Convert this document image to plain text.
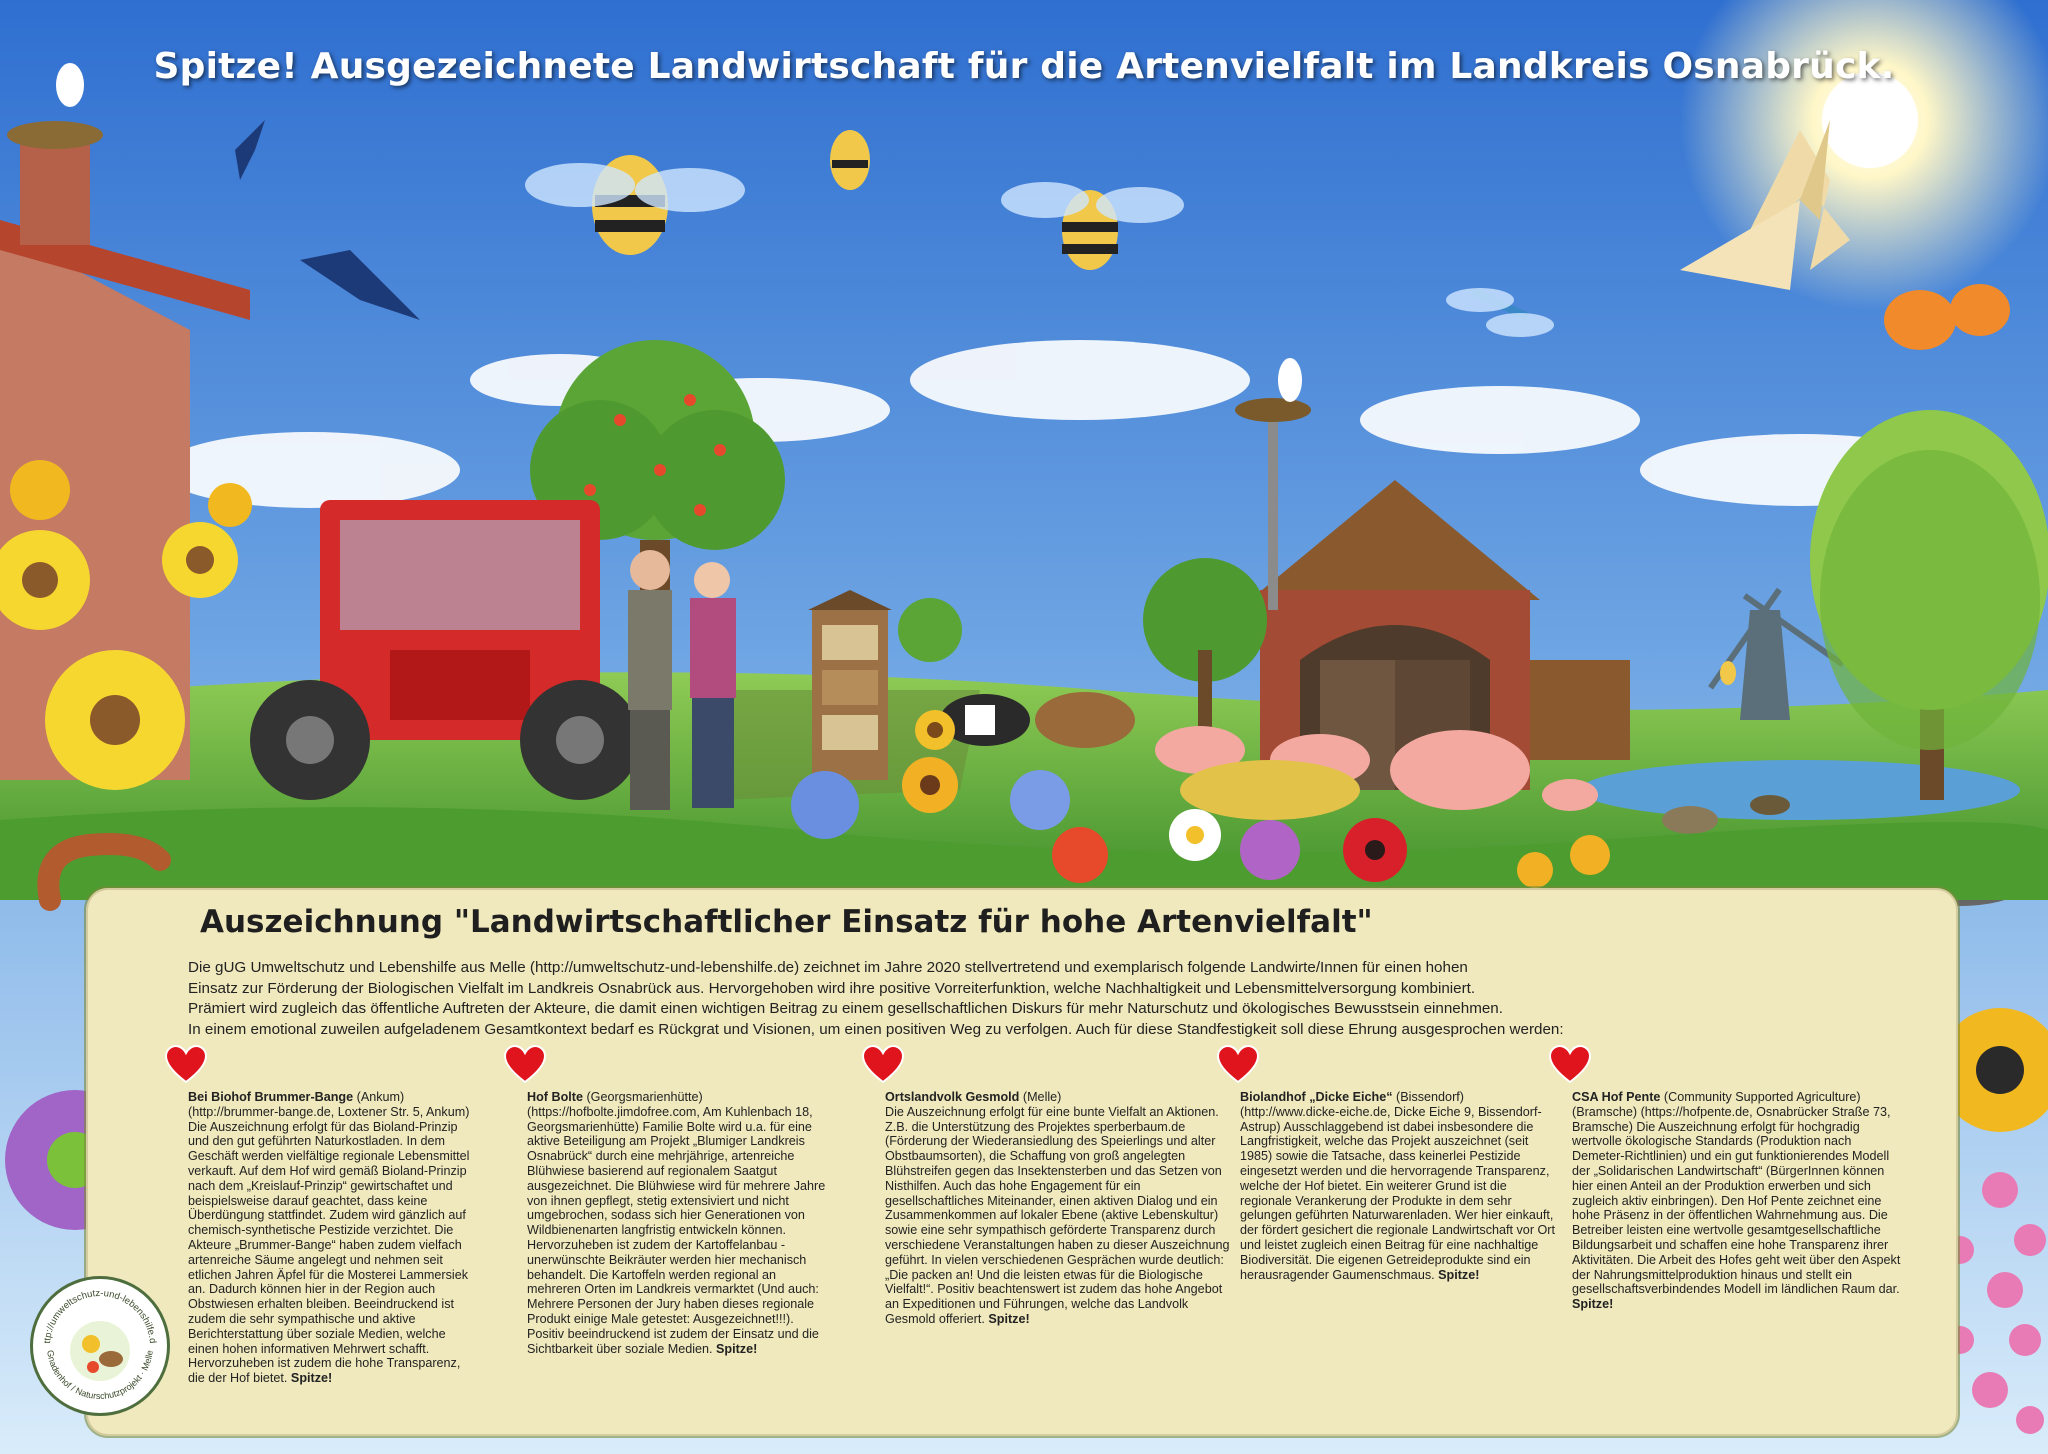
Spitze! Ausgezeichnete Landwirtschaft für die Artenvielfalt im Landkreis Osnabrück.
Auszeichnung "Landwirtschaftlicher Einsatz für hohe Artenvielfalt"

Die gUG Umweltschutz und Lebenshilfe aus Melle (http://umweltschutz-und-lebenshilfe.de) zeichnet im Jahre 2020 stellvertretend und exemplarisch folgende Landwirte/Innen für einen hohen

Einsatz zur Förderung der Biologischen Vielfalt im Landkreis Osnabrück aus. Hervorgehoben wird ihre positive Vorreiterfunktion, welche Nachhaltigkeit und Lebensmittelversorgung kombiniert.

Prämiert wird zugleich das öffentliche Auftreten der Akteure, die damit einen wichtigen Beitrag zu einem gesellschaftlichen Diskurs für mehr Naturschutz und ökologisches Bewusstsein einnehmen.

In einem emotional zuweilen aufgeladenem Gesamtkontext bedarf es Rückgrat und Visionen, um einen positiven Weg zu verfolgen. Auch für diese Standfestigkeit soll diese Ehrung ausgesprochen werden:

Bei Biohof Brummer-Bange (Ankum)

(http://brummer-bange.de, Loxtener Str. 5, Ankum) Die Auszeichnung erfolgt für das Bioland-Prinzip und den gut geführten Naturkostladen. In dem Geschäft werden vielfältige regionale Lebensmittel verkauft. Auf dem Hof wird gemäß Bioland-Prinzip nach dem „Kreislauf-Prinzip“ gewirtschaftet und beispielsweise darauf geachtet, dass keine Überdüngung stattfindet. Zudem wird gänzlich auf chemisch-synthetische Pestizide verzichtet. Die Akteure „Brummer-Bange“ haben zudem vielfach artenreiche Säume angelegt und nehmen seit etlichen Jahren Äpfel für die Mosterei Lammersiek an. Dadurch können hier in der Region auch Obstwiesen erhalten bleiben. Beeindruckend ist zudem die sehr sympathische und aktive Berichterstattung über soziale Medien, welche einen hohen informativen Mehrwert schafft. Hervorzuheben ist zudem die hohe Transparenz, die der Hof bietet. Spitze!

Hof Bolte (Georgsmarienhütte)

(https://hofbolte.jimdofree.com, Am Kuhlenbach 18, Georgsmarienhütte) Familie Bolte wird u.a. für eine aktive Beteiligung am Projekt „Blumiger Landkreis Osnabrück“ durch eine mehrjährige, artenreiche Blühwiese basierend auf regionalem Saatgut ausgezeichnet. Die Blühwiese wird für mehrere Jahre von ihnen gepflegt, stetig extensiviert und nicht umgebrochen, sodass sich hier Generationen von Wildbienenarten langfristig entwickeln können. Hervorzuheben ist zudem der Kartoffelanbau - unerwünschte Beikräuter werden hier mechanisch behandelt. Die Kartoffeln werden regional an mehreren Orten im Landkreis vermarktet (Und auch: Mehrere Personen der Jury haben dieses regionale Produkt einige Male getestet: Ausgezeichnet!!!). Positiv beeindruckend ist zudem der Einsatz und die Sichtbarkeit über soziale Medien. Spitze!

Ortslandvolk Gesmold (Melle)

Die Auszeichnung erfolgt für eine bunte Vielfalt an Aktionen. Z.B. die Unterstützung des Projektes sperberbaum.de (Förderung der Wiederansiedlung des Speierlings und alter Obstbaumsorten), die Schaffung von groß angelegten Blühstreifen gegen das Insektensterben und das Setzen von Nisthilfen. Auch das hohe Engagement für ein gesellschaftliches Miteinander, einen aktiven Dialog und ein Zusammenkommen auf lokaler Ebene (aktive Lebenskultur) sowie eine sehr sympathisch geförderte Transparenz durch verschiedene Veranstaltungen haben zu dieser Auszeichnung geführt. In vielen verschiedenen Gesprächen wurde deutlich: „Die packen an! Und die leisten etwas für die Biologische Vielfalt!“. Positiv beachtenswert ist zudem das hohe Angebot an Expeditionen und Führungen, welche das Landvolk Gesmold offeriert. Spitze!

Biolandhof „Dicke Eiche“ (Bissendorf)

(http://www.dicke-eiche.de, Dicke Eiche 9, Bissendorf-Astrup) Ausschlaggebend ist dabei insbesondere die Langfristigkeit, welche das Projekt auszeichnet (seit 1985) sowie die Tatsache, dass keinerlei Pestizide eingesetzt werden und die hervorragende Transparenz, welche der Hof bietet. Ein weiterer Grund ist die regionale Verankerung der Produkte in dem sehr gelungen geführten Naturwarenladen. Wer hier einkauft, der fördert gesichert die regionale Landwirtschaft vor Ort und leistet zugleich einen Beitrag für eine nachhaltige Biodiversität. Die eigenen Getreideprodukte sind ein herausragender Gaumenschmaus. Spitze!

CSA Hof Pente (Community Supported Agriculture)

(Bramsche) (https://hofpente.de, Osnabrücker Straße 73, Bramsche) Die Auszeichnung erfolgt für hochgradig wertvolle ökologische Standards (Produktion nach Demeter-Richtlinien) und ein gut funktionierendes Modell der „Solidarischen Landwirtschaft“ (BürgerInnen können hier einen Anteil an der Produktion erwerben und sich zugleich aktiv einbringen). Den Hof Pente zeichnet eine hohe Präsenz in der öffentlichen Wahrnehmung aus. Die Betreiber leisten eine wertvolle gesamtgesellschaftliche Bildungsarbeit und schaffen eine hohe Transparenz ihrer Aktivitäten. Die Arbeit des Hofes geht weit über den Aspekt der Nahrungsmittelproduktion hinaus und stellt ein gesellschaftsverbindendes Modell im ländlichen Raum dar. Spitze!

ttp://umweltschutz-und-lebenshilfe.d
Gnadenhof / Naturschutzprojekt · Melle
